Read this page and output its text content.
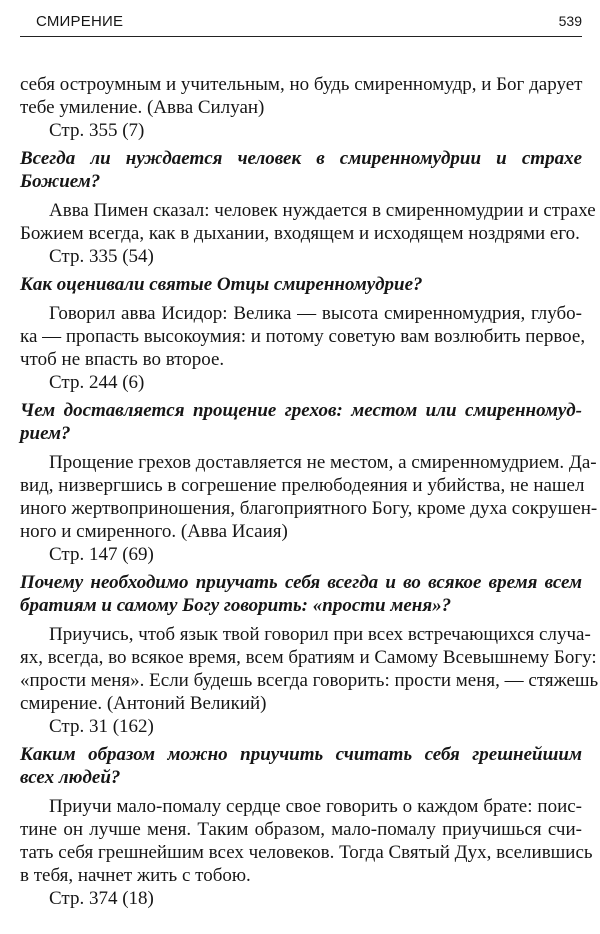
СМИРЕНИЕ	539
себя остроумным и учительным, но будь смиренномудр, и Бог дарует
тебе умиление. (Авва Силуан)
Стр. 355 (7)
Всегда ли нуждается человек в смиренномудрии и страхе
Божием?
Авва Пимен сказал: человек нуждается в смиренномудрии и страхе
Божием всегда, как в дыхании, входящем и исходящем ноздрями его.
Стр. 335 (54)
Как оценивали святые Отцы смиренномудрие?
Говорил авва Исидор: Велика — высота смиренномудрия, глубо-
ка — пропасть высокоумия: и потому советую вам возлюбить первое,
чтоб не впасть во второе.
Стр. 244 (6)
Чем доставляется прощение грехов: местом или смиренномуд-
рием?
Прощение грехов доставляется не местом, а смиренномудрием. Да-
вид, низвергшись в согрешение прелюбодеяния и убийства, не нашел
иного жертвоприношения, благоприятного Богу, кроме духа сокрушен-
ного и смиренного. (Авва Исаия)
Стр. 147 (69)
Почему необходимо приучать себя всегда и во всякое время всем
братиям и самому Богу говорить: «прости меня»?
Приучись, чтоб язык твой говорил при всех встречающихся случа-
ях, всегда, во всякое время, всем братиям и Самому Всевышнему Богу:
«прости меня». Если будешь всегда говорить: прости меня, — стяжешь
смирение. (Антоний Великий)
Стр. 31 (162)
Каким образом можно приучить считать себя грешнейшим
всех людей?
Приучи мало-помалу сердце свое говорить о каждом брате: поис-
тине он лучше меня. Таким образом, мало-помалу приучишься счи-
тать себя грешнейшим всех человеков. Тогда Святый Дух, вселившись
в тебя, начнет жить с тобою.
Стр. 374 (18)
